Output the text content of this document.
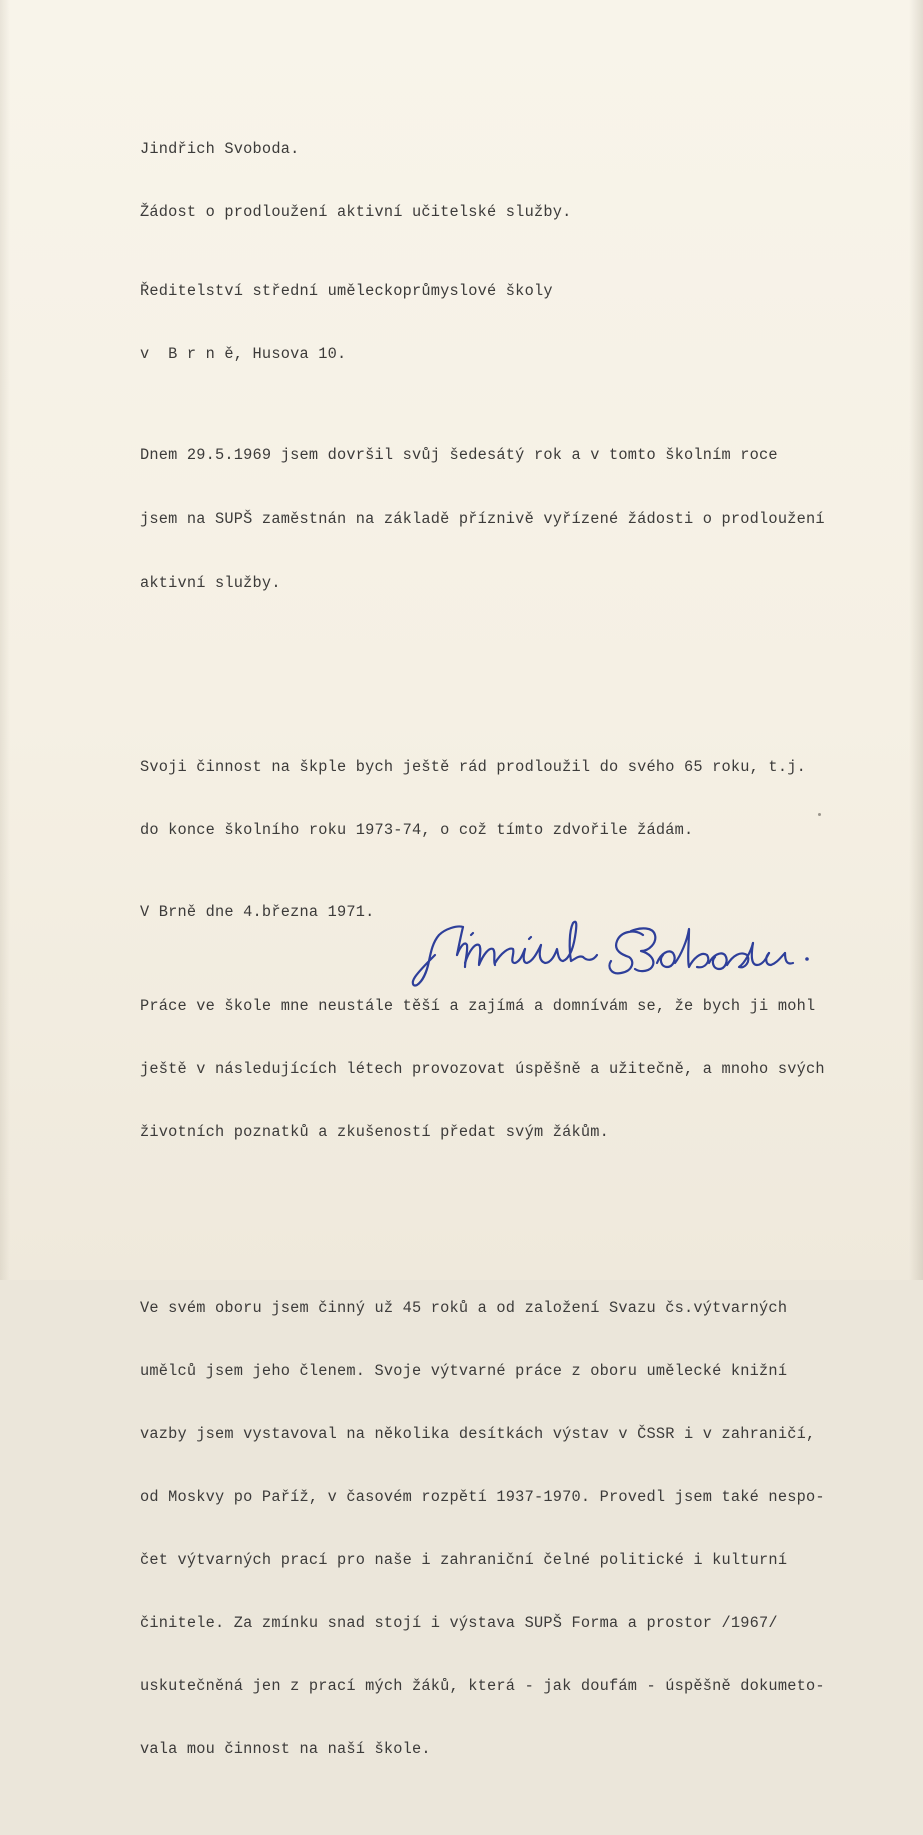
Jindřich Svoboda.

Žádost o prodloužení aktivní učitelské služby.

Ředitelství střední uměleckoprůmyslové školy

v  B r n ě, Husova 10.

Dnem 29.5.1969 jsem dovršil svůj šedesátý rok a v tomto školním roce

jsem na SUPŠ zaměstnán na základě příznivě vyřízené žádosti o prodloužení

aktivní služby.

Svoji činnost na škple bych ještě rád prodloužil do svého 65 roku, t.j.

do konce školního roku 1973-74, o což tímto zdvořile žádám.

Práce ve škole mne neustále těší a zajímá a domnívám se, že bych ji mohl

ještě v následujících létech provozovat úspěšně a užitečně, a mnoho svých

životních poznatků a zkušeností předat svým žákům.

Ve svém oboru jsem činný už 45 roků a od založení Svazu čs.výtvarných

umělců jsem jeho členem. Svoje výtvarné práce z oboru umělecké knižní

vazby jsem vystavoval na několika desítkách výstav v ČSSR i v zahraničí,

od Moskvy po Paříž, v časovém rozpětí 1937-1970. Provedl jsem také nespo-

čet výtvarných prací pro naše i zahraniční čelné politické i kulturní

činitele. Za zmínku snad stojí i výstava SUPŠ Forma a prostor /1967/

uskutečněná jen z prací mých žáků, která - jak doufám - úspěšně dokumeto-

vala mou činnost na naší škole.

V Brně dne 4.března 1971.
